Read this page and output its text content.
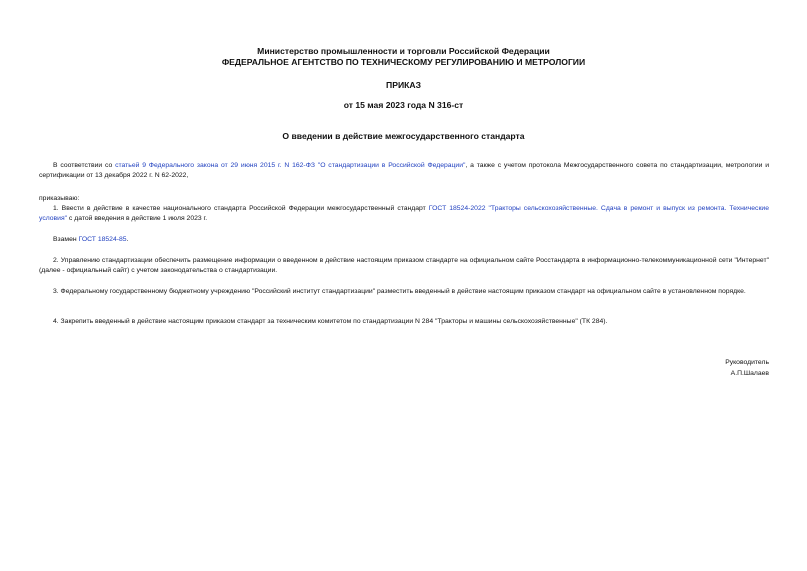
Министерство промышленности и торговли Российской Федерации
ФЕДЕРАЛЬНОЕ АГЕНТСТВО ПО ТЕХНИЧЕСКОМУ РЕГУЛИРОВАНИЮ И МЕТРОЛОГИИ
ПРИКАЗ
от 15 мая 2023 года N 316-ст
О введении в действие межгосударственного стандарта
В соответствии со статьей 9 Федерального закона от 29 июня 2015 г. N 162-ФЗ "О стандартизации в Российской Федерации", а также с учетом протокола Межгосударственного совета по стандартизации, метрологии и сертификации от 13 декабря 2022 г. N 62-2022,
приказываю:
1. Ввести в действие в качестве национального стандарта Российской Федерации межгосударственный стандарт ГОСТ 18524-2022 "Тракторы сельскохозяйственные. Сдача в ремонт и выпуск из ремонта. Технические условия" с датой введения в действие 1 июля 2023 г.
Взамен ГОСТ 18524-85.
2. Управлению стандартизации обеспечить размещение информации о введенном в действие настоящим приказом стандарте на официальном сайте Росстандарта в информационно-телекоммуникационной сети "Интернет" (далее - официальный сайт) с учетом законодательства о стандартизации.
3. Федеральному государственному бюджетному учреждению "Российский институт стандартизации" разместить введенный в действие настоящим приказом стандарт на официальном сайте в установленном порядке.
4. Закрепить введенный в действие настоящим приказом стандарт за техническим комитетом по стандартизации N 284 "Тракторы и машины сельскохозяйственные" (ТК 284).
Руководитель
А.П.Шалаев
